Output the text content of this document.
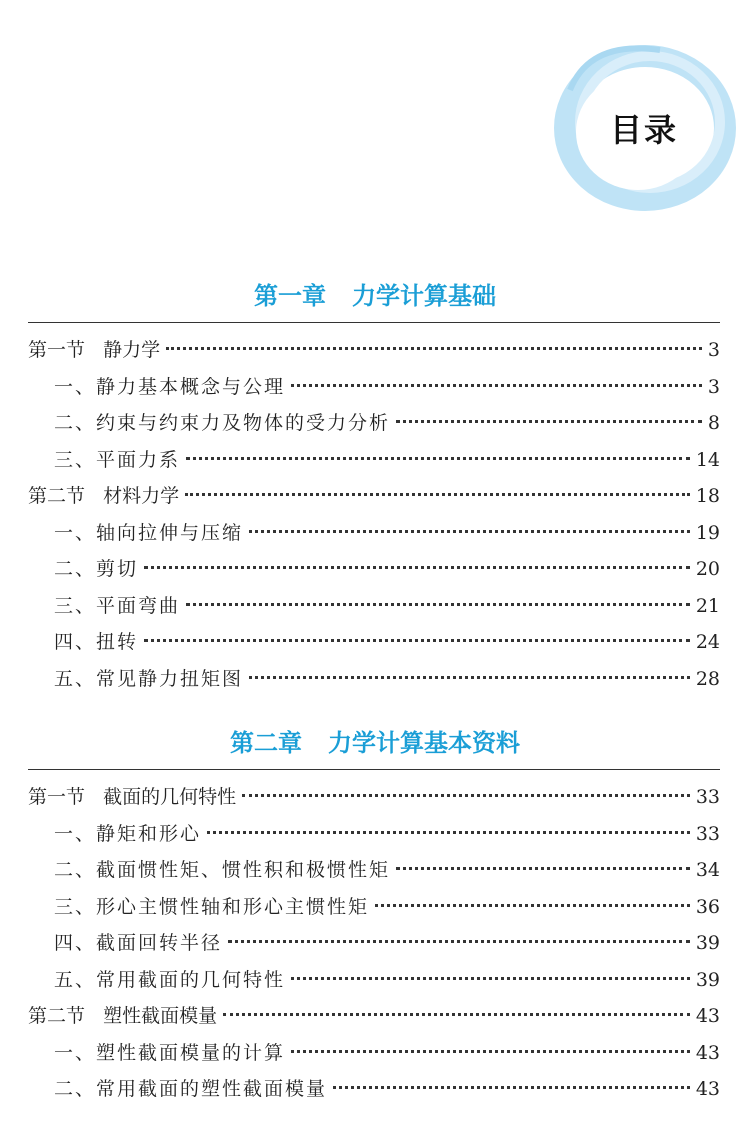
目录
第一章 力学计算基础
第一节 静力学	3
一、静力基本概念与公理	3
二、约束与约束力及物体的受力分析	8
三、平面力系	14
第二节 材料力学	18
一、轴向拉伸与压缩	19
二、剪切	20
三、平面弯曲	21
四、扭转	24
五、常见静力扭矩图	28
第二章 力学计算基本资料
第一节 截面的几何特性	33
一、静矩和形心	33
二、截面惯性矩、惯性积和极惯性矩	34
三、形心主惯性轴和形心主惯性矩	36
四、截面回转半径	39
五、常用截面的几何特性	39
第二节 塑性截面模量	43
一、塑性截面模量的计算	43
二、常用截面的塑性截面模量	43
